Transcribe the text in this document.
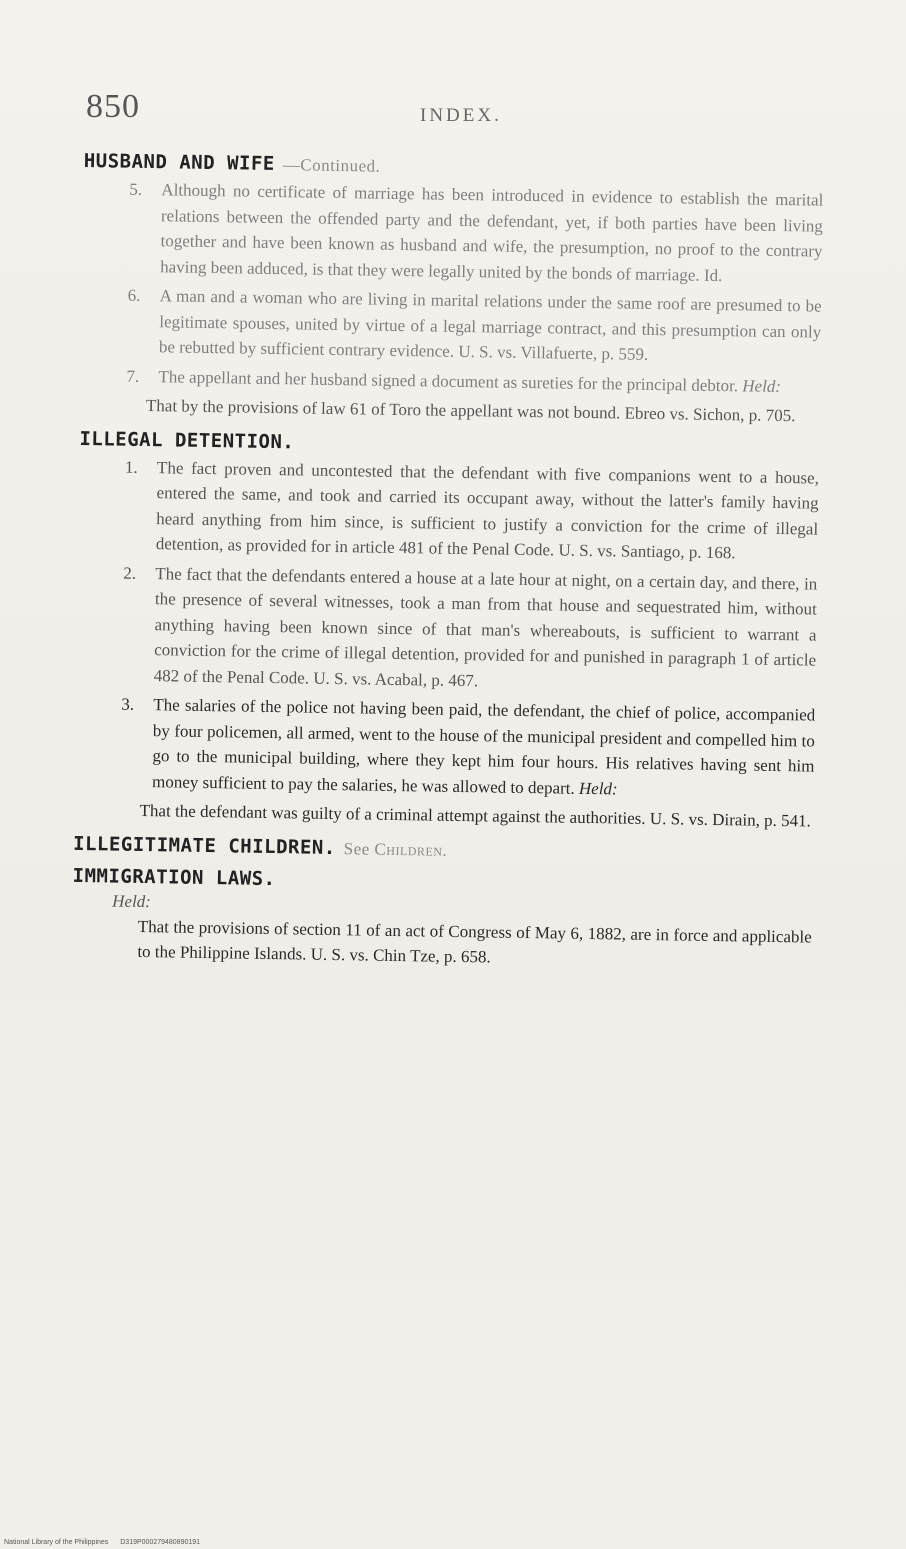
850	INDEX.
HUSBAND AND WIFE —Continued.
5. Although no certificate of marriage has been introduced in evidence to establish the marital relations between the offended party and the defendant, yet, if both parties have been living together and have been known as husband and wife, the presumption, no proof to the contrary having been adduced, is that they were legally united by the bonds of marriage. Id.
6. A man and a woman who are living in marital relations under the same roof are presumed to be legitimate spouses, united by virtue of a legal marriage contract, and this presumption can only be rebutted by sufficient contrary evidence. U. S. vs. Villafuerte, p. 559.
7. The appellant and her husband signed a document as sureties for the principal debtor. Held:
That by the provisions of law 61 of Toro the appellant was not bound. Ebreo vs. Sichon, p. 705.
ILLEGAL DETENTION.
1. The fact proven and uncontested that the defendant with five companions went to a house, entered the same, and took and carried its occupant away, without the latter's family having heard anything from him since, is sufficient to justify a conviction for the crime of illegal detention, as provided for in article 481 of the Penal Code. U. S. vs. Santiago, p. 168.
2. The fact that the defendants entered a house at a late hour at night, on a certain day, and there, in the presence of several witnesses, took a man from that house and sequestrated him, without anything having been known since of that man's whereabouts, is sufficient to warrant a conviction for the crime of illegal detention, provided for and punished in paragraph 1 of article 482 of the Penal Code. U. S. vs. Acabal, p. 467.
3. The salaries of the police not having been paid, the defendant, the chief of police, accompanied by four policemen, all armed, went to the house of the municipal president and compelled him to go to the municipal building, where they kept him four hours. His relatives having sent him money sufficient to pay the salaries, he was allowed to depart. Held:
That the defendant was guilty of a criminal attempt against the authorities. U. S. vs. Dirain, p. 541.
ILLEGITIMATE CHILDREN. See Children.
IMMIGRATION LAWS.
Held:
That the provisions of section 11 of an act of Congress of May 6, 1882, are in force and applicable to the Philippine Islands. U. S. vs. Chin Tze, p. 658.
National Library of the Philippines D319P000279480890191
